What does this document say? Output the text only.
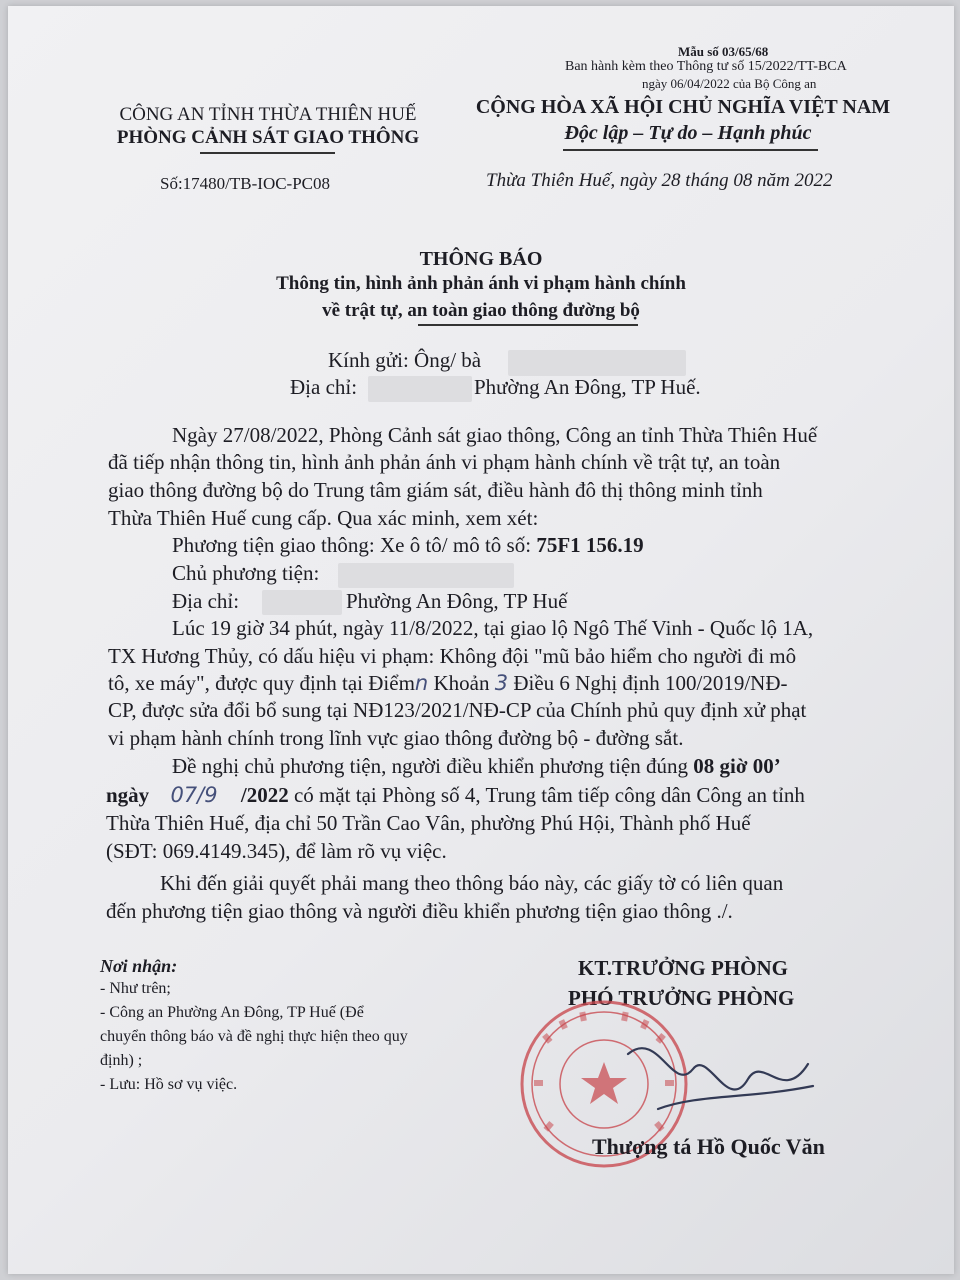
Mẫu số 03/65/68
Ban hành kèm theo Thông tư số 15/2022/TT-BCA
ngày 06/04/2022 của Bộ Công an
CÔNG AN TỈNH THỪA THIÊN HUẾ
PHÒNG CẢNH SÁT GIAO THÔNG
Số:17480/TB-IOC-PC08
CỘNG HÒA XÃ HỘI CHỦ NGHĨA VIỆT NAM
Độc lập – Tự do – Hạnh phúc
Thừa Thiên Huế, ngày 28 tháng 08 năm 2022
THÔNG BÁO
Thông tin, hình ảnh phản ánh vi phạm hành chính
về trật tự, an toàn giao thông đường bộ
Kính gửi: Ông/ bà
Địa chỉ:	Phường An Đông, TP Huế.
Ngày 27/08/2022, Phòng Cảnh sát giao thông, Công an tỉnh Thừa Thiên Huế
đã tiếp nhận thông tin, hình ảnh phản ánh vi phạm hành chính về trật tự, an toàn
giao thông đường bộ do Trung tâm giám sát, điều hành đô thị thông minh tỉnh
Thừa Thiên Huế cung cấp. Qua xác minh, xem xét:
Phương tiện giao thông: Xe ô tô/ mô tô số: 75F1 156.19
Chủ phương tiện:
Địa chỉ:	Phường An Đông, TP Huế
Lúc 19 giờ 34 phút, ngày 11/8/2022, tại giao lộ Ngô Thế Vinh - Quốc lộ 1A,
TX Hương Thủy, có dấu hiệu vi phạm: Không đội "mũ bảo hiểm cho người đi mô
tô, xe máy", được quy định tại Điểmn Khoản 3 Điều 6 Nghị định 100/2019/NĐ-
CP, được sửa đổi bổ sung tại NĐ123/2021/NĐ-CP của Chính phủ quy định xử phạt
vi phạm hành chính trong lĩnh vực giao thông đường bộ - đường sắt.
Đề nghị chủ phương tiện, người điều khiển phương tiện đúng 08 giờ 00’
ngày 07/9 /2022 có mặt tại Phòng số 4, Trung tâm tiếp công dân Công an tỉnh
Thừa Thiên Huế, địa chỉ 50 Trần Cao Vân, phường Phú Hội, Thành phố Huế
(SĐT: 069.4149.345), để làm rõ vụ việc.
Khi đến giải quyết phải mang theo thông báo này, các giấy tờ có liên quan
đến phương tiện giao thông và người điều khiển phương tiện giao thông ./.
Nơi nhận:
- Như trên;
- Công an Phường An Đông, TP Huế (Để
chuyển thông báo và đề nghị thực hiện theo quy
định) ;
- Lưu: Hồ sơ vụ việc.
KT.TRƯỞNG PHÒNG
PHÓ TRƯỞNG PHÒNG
Thượng tá Hồ Quốc Văn
